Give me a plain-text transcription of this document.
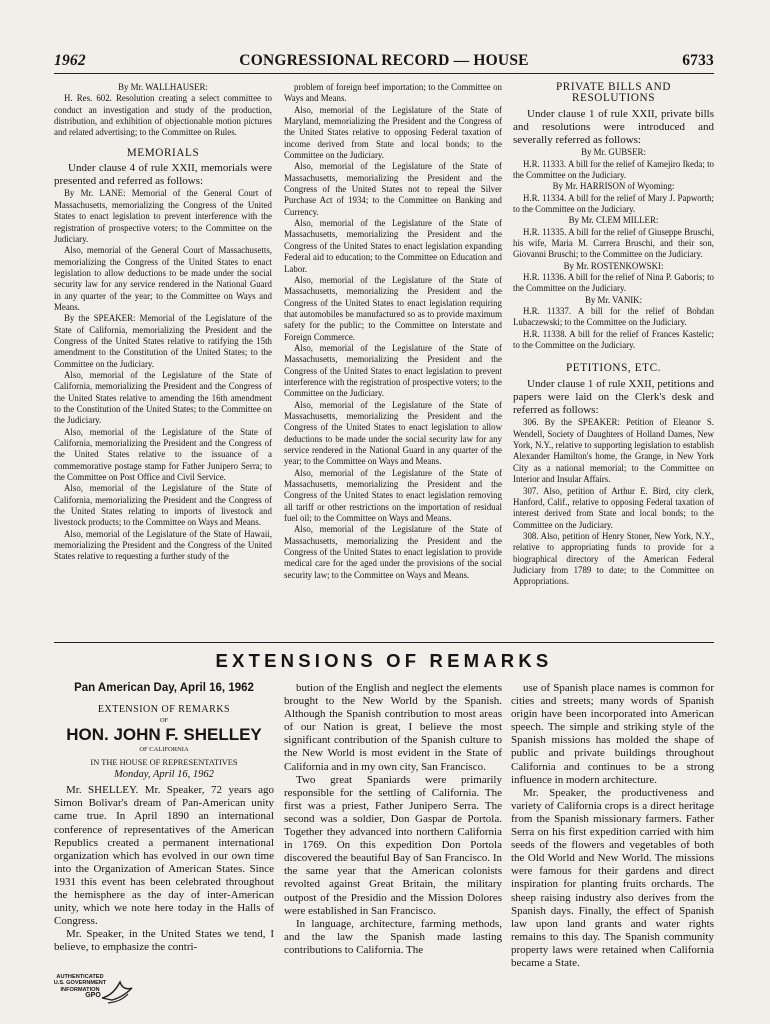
1962	CONGRESSIONAL RECORD — HOUSE	6733

By Mr. WALLHAUSER:

H. Res. 602. Resolution creating a select committee to conduct an investigation and study of the production, distribution, and exhibition of objectionable motion pictures and related advertising; to the Committee on Rules.

MEMORIALS

Under clause 4 of rule XXII, memorials were presented and referred as follows:

By Mr. LANE: Memorial of the General Court of Massachusetts, memorializing the Congress of the United States to enact legislation to prevent interference with the registration of prospective voters; to the Committee on the Judiciary.

Also, memorial of the General Court of Massachusetts, memorializing the Congress of the United States to enact legislation to allow deductions to be made under the social security law for any service rendered in the National Guard in any quarter of the year; to the Committee on Ways and Means.

By the SPEAKER: Memorial of the Legislature of the State of California, memorializing the President and the Congress of the United States relative to ratifying the 15th amendment to the Constitution of the United States; to the Committee on the Judiciary.

Also, memorial of the Legislature of the State of California, memorializing the President and the Congress of the United States relative to amending the 16th amendment to the Constitution of the United States; to the Committee on the Judiciary.

Also, memorial of the Legislature of the State of California, memorializing the President and the Congress of the United States relative to the issuance of a commemorative postage stamp for Father Junipero Serra; to the Committee on Post Office and Civil Service.

Also, memorial of the Legislature of the State of California, memorializing the President and the Congress of the United States relating to imports of livestock and livestock products; to the Committee on Ways and Means.

Also, memorial of the Legislature of the State of Hawaii, memorializing the President and the Congress of the United States relative to requesting a further study of the

problem of foreign beef importation; to the Committee on Ways and Means.

Also, memorial of the Legislature of the State of Maryland, memorializing the President and the Congress of the United States relative to opposing Federal taxation of income derived from State and local bonds; to the Committee on the Judiciary.

Also, memorial of the Legislature of the State of Massachusetts, memorializing the President and the Congress of the United States not to repeal the Silver Purchase Act of 1934; to the Committee on Banking and Currency.

Also, memorial of the Legislature of the State of Massachusetts, memorializing the President and the Congress of the United States to enact legislation expanding Federal aid to education; to the Committee on Education and Labor.

Also, memorial of the Legislature of the State of Massachusetts, memorializing the President and the Congress of the United States to enact legislation requiring that automobiles be manufactured so as to provide maximum safety for the public; to the Committee on Interstate and Foreign Commerce.

Also, memorial of the Legislature of the State of Massachusetts, memorializing the President and the Congress of the United States to enact legislation to prevent interference with the registration of prospective voters; to the Committee on the Judiciary.

Also, memorial of the Legislature of the State of Massachusetts, memorializing the President and the Congress of the United States to enact legislation to allow deductions to be made under the social security law for any service rendered in the National Guard in any quarter of the year; to the Committee on Ways and Means.

Also, memorial of the Legislature of the State of Massachusetts, memorializing the President and the Congress of the United States to enact legislation removing all tariff or other restrictions on the importation of residual fuel oil; to the Committee on Ways and Means.

Also, memorial of the Legislature of the State of Massachusetts, memorializing the President and the Congress of the United States to enact legislation to provide medical care for the aged under the provisions of the social security law; to the Committee on Ways and Means.

PRIVATE BILLS AND RESOLUTIONS

Under clause 1 of rule XXII, private bills and resolutions were introduced and severally referred as follows:

By Mr. GUBSER:

H.R. 11333. A bill for the relief of Kamejiro Ikeda; to the Committee on the Judiciary.

By Mr. HARRISON of Wyoming:

H.R. 11334. A bill for the relief of Mary J. Papworth; to the Committee on the Judiciary.

By Mr. CLEM MILLER:

H.R. 11335. A bill for the relief of Giuseppe Bruschi, his wife, Maria M. Carrera Bruschi, and their son, Giovanni Bruschi; to the Committee on the Judiciary.

By Mr. ROSTENKOWSKI:

H.R. 11336. A bill for the relief of Nina P. Gaboris; to the Committee on the Judiciary.

By Mr. VANIK:

H.R. 11337. A bill for the relief of Bohdan Lubaczewski; to the Committee on the Judiciary.

H.R. 11338. A bill for the relief of Frances Kastelic; to the Committee on the Judiciary.

PETITIONS, ETC.

Under clause 1 of rule XXII, petitions and papers were laid on the Clerk's desk and referred as follows:

306. By the SPEAKER: Petition of Eleanor S. Wendell, Society of Daughters of Holland Dames, New York, N.Y., relative to supporting legislation to establish Alexander Hamilton's home, the Grange, in New York City as a national memorial; to the Committee on Interior and Insular Affairs.

307. Also, petition of Arthur E. Bird, city clerk, Hanford, Calif., relative to opposing Federal taxation of interest derived from State and local bonds; to the Committee on the Judiciary.

308. Also, petition of Henry Stoner, New York, N.Y., relative to appropriating funds to provide for a biographical directory of the American Federal Judiciary from 1789 to date; to the Committee on Appropriations.

EXTENSIONS OF REMARKS

Pan American Day, April 16, 1962

EXTENSION OF REMARKS

OF

HON. JOHN F. SHELLEY

OF CALIFORNIA

IN THE HOUSE OF REPRESENTATIVES

Monday, April 16, 1962

Mr. SHELLEY. Mr. Speaker, 72 years ago Simon Bolivar's dream of Pan-American unity came true. In April 1890 an international conference of representatives of the American Republics created a permanent international organization which has evolved in our own time into the Organization of American States. Since 1931 this event has been celebrated throughout the hemisphere as the day of inter-American unity, which we note here today in the Halls of Congress.

Mr. Speaker, in the United States we tend, I believe, to emphasize the contri-

bution of the English and neglect the elements brought to the New World by the Spanish. Although the Spanish contribution to most areas of our Nation is great, I believe the most significant contribution of the Spanish culture to the New World is most evident in the State of California and in my own city, San Francisco.

Two great Spaniards were primarily responsible for the settling of California. The first was a priest, Father Junipero Serra. The second was a soldier, Don Gaspar de Portola. Together they advanced into northern California in 1769. On this expedition Don Portola discovered the beautiful Bay of San Francisco. In the same year that the American colonists revolted against Great Britain, the military outpost of the Presidio and the Mission Dolores were established in San Francisco.

In language, architecture, farming methods, and the law the Spanish made lasting contributions to California. The

use of Spanish place names is common for cities and streets; many words of Spanish origin have been incorporated into American speech. The simple and striking style of the Spanish missions has molded the shape of public and private buildings throughout California and continues to be a strong influence in modern architecture.

Mr. Speaker, the productiveness and variety of California crops is a direct heritage from the Spanish missionary farmers. Father Serra on his first expedition carried with him seeds of the flowers and vegetables of both the Old World and New World. The missions were famous for their gardens and direct inspiration for planting fruits orchards. The sheep raising industry also derives from the Spanish days. Finally, the effect of Spanish law upon land grants and water rights remains to this day. The Spanish community property laws were retained when California became a State.

AUTHENTICATED
U.S. GOVERNMENT
INFORMATION
GPO
